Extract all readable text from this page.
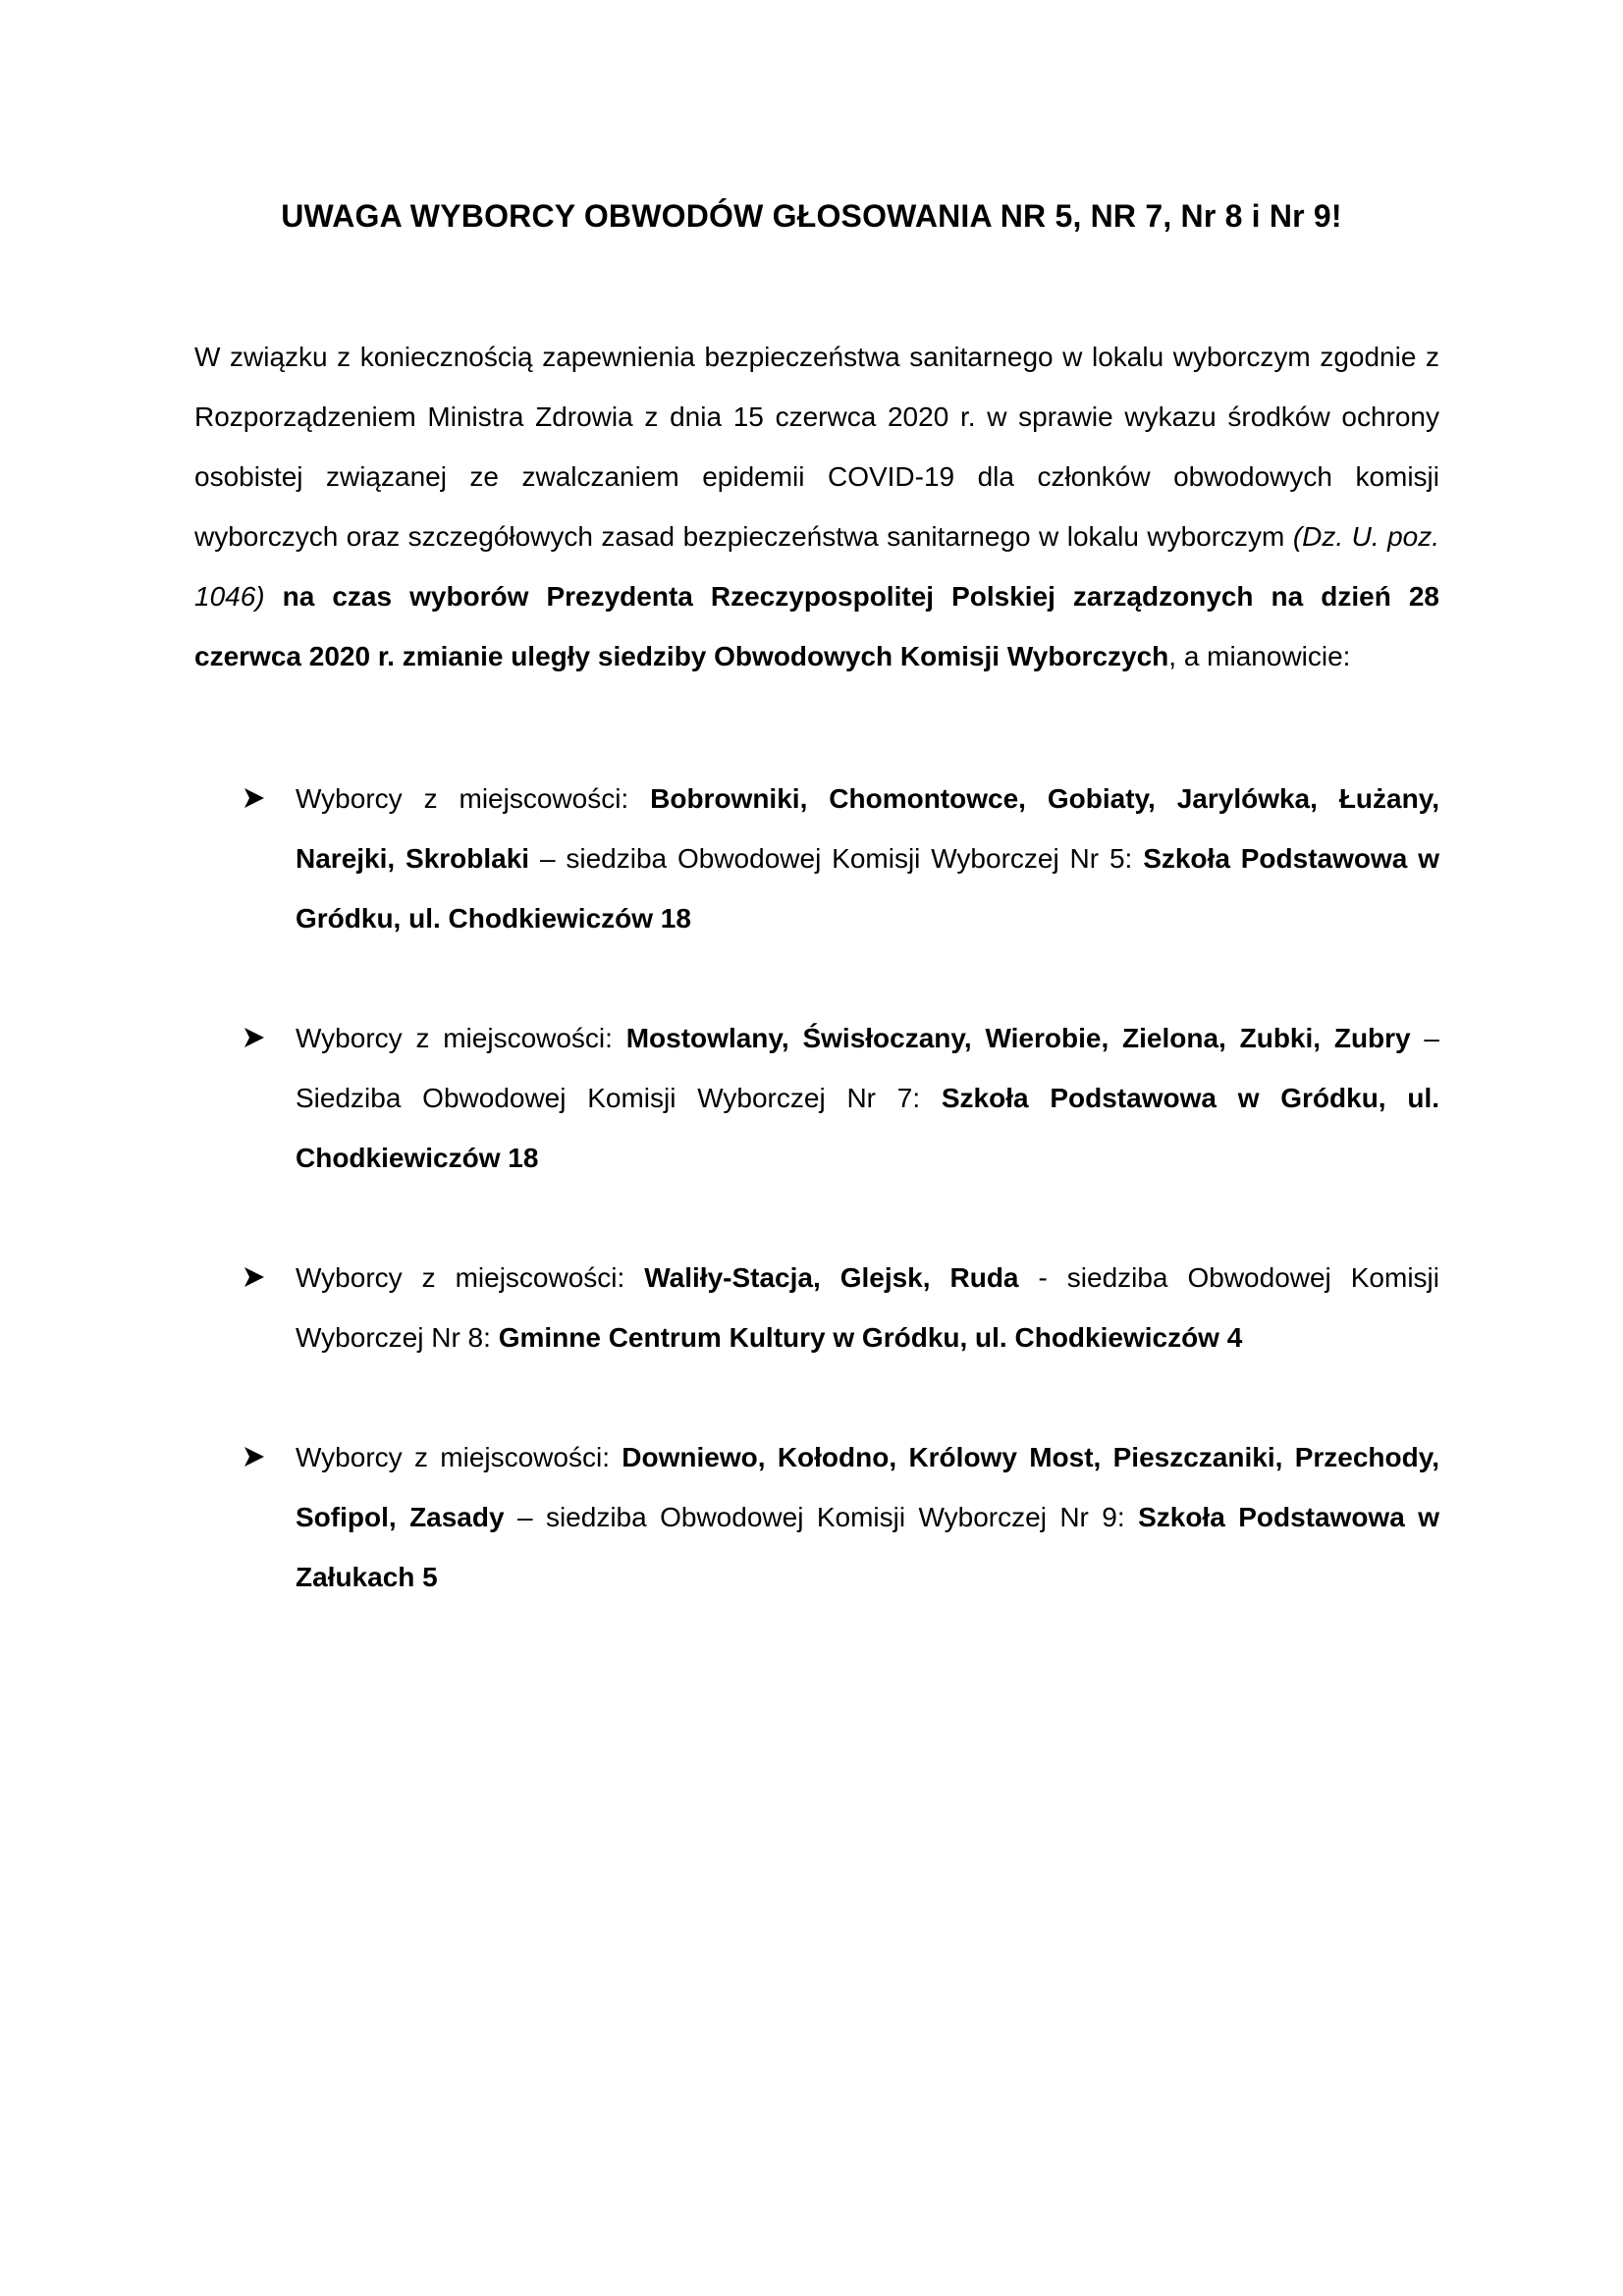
UWAGA WYBORCY OBWODÓW GŁOSOWANIA NR 5, NR 7, Nr 8 i Nr 9!

W związku z koniecznością zapewnienia bezpieczeństwa sanitarnego w lokalu wyborczym zgodnie z Rozporządzeniem Ministra Zdrowia z dnia 15 czerwca 2020 r. w sprawie wykazu środków ochrony osobistej związanej ze zwalczaniem epidemii COVID-19 dla członków obwodowych komisji wyborczych oraz szczegółowych zasad bezpieczeństwa sanitarnego w lokalu wyborczym (Dz. U. poz. 1046) na czas wyborów Prezydenta Rzeczypospolitej Polskiej zarządzonych na dzień 28 czerwca 2020 r. zmianie uległy siedziby Obwodowych Komisji Wyborczych, a mianowicie:

Wyborcy z miejscowości: Bobrowniki, Chomontowce, Gobiaty, Jarylówka, Łużany, Narejki, Skroblaki – siedziba Obwodowej Komisji Wyborczej Nr 5: Szkoła Podstawowa w Gródku, ul. Chodkiewiczów 18
Wyborcy z miejscowości: Mostowlany, Świsłoczany, Wierobie, Zielona, Zubki, Zubry – Siedziba Obwodowej Komisji Wyborczej Nr 7: Szkoła Podstawowa w Gródku, ul. Chodkiewiczów 18
Wyborcy z miejscowości: Waliły-Stacja, Glejsk, Ruda - siedziba Obwodowej Komisji Wyborczej Nr 8: Gminne Centrum Kultury w Gródku, ul. Chodkiewiczów 4
Wyborcy z miejscowości: Downiewo, Kołodno, Królowy Most, Pieszczaniki, Przechody, Sofipol, Zasady – siedziba Obwodowej Komisji Wyborczej Nr 9: Szkoła Podstawowa w Załukach 5
